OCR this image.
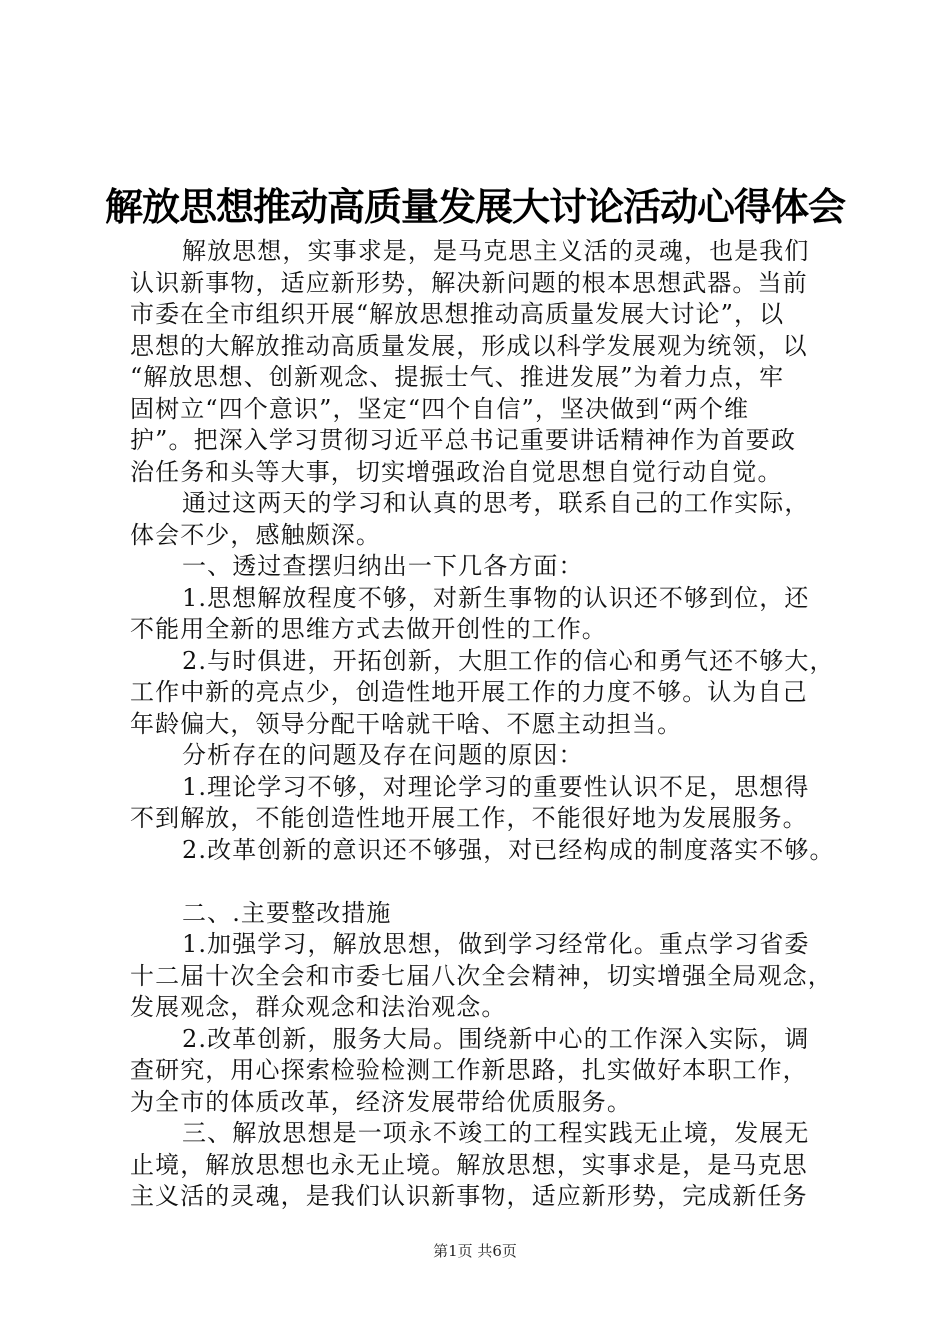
解放思想推动高质量发展大讨论活动心得体会
解放思想，实事求是，是马克思主义活的灵魂，也是我们
认识新事物，适应新形势，解决新问题的根本思想武器。当前
市委在全市组织开展“解放思想推动高质量发展大讨论”，以
思想的大解放推动高质量发展，形成以科学发展观为统领，以
“解放思想、创新观念、提振士气、推进发展”为着力点，牢
固树立“四个意识”，坚定“四个自信”，坚决做到“两个维
护”。把深入学习贯彻习近平总书记重要讲话精神作为首要政
治任务和头等大事，切实增强政治自觉思想自觉行动自觉。
通过这两天的学习和认真的思考，联系自己的工作实际，
体会不少，感触颇深。
一、透过查摆归纳出一下几各方面：
1.思想解放程度不够，对新生事物的认识还不够到位，还
不能用全新的思维方式去做开创性的工作。
2.与时俱进，开拓创新，大胆工作的信心和勇气还不够大，
工作中新的亮点少，创造性地开展工作的力度不够。认为自己
年龄偏大，领导分配干啥就干啥、不愿主动担当。
分析存在的问题及存在问题的原因：
1.理论学习不够，对理论学习的重要性认识不足，思想得
不到解放，不能创造性地开展工作，不能很好地为发展服务。
2.改革创新的意识还不够强，对已经构成的制度落实不够。
二、.主要整改措施
1.加强学习，解放思想，做到学习经常化。重点学习省委
十二届十次全会和市委七届八次全会精神，切实增强全局观念，
发展观念，群众观念和法治观念。
2.改革创新，服务大局。围绕新中心的工作深入实际，调
查研究，用心探索检验检测工作新思路，扎实做好本职工作，
为全市的体质改革，经济发展带给优质服务。
三、解放思想是一项永不竣工的工程实践无止境，发展无
止境，解放思想也永无止境。解放思想，实事求是，是马克思
主义活的灵魂，是我们认识新事物，适应新形势，完成新任务
第1页 共6页
